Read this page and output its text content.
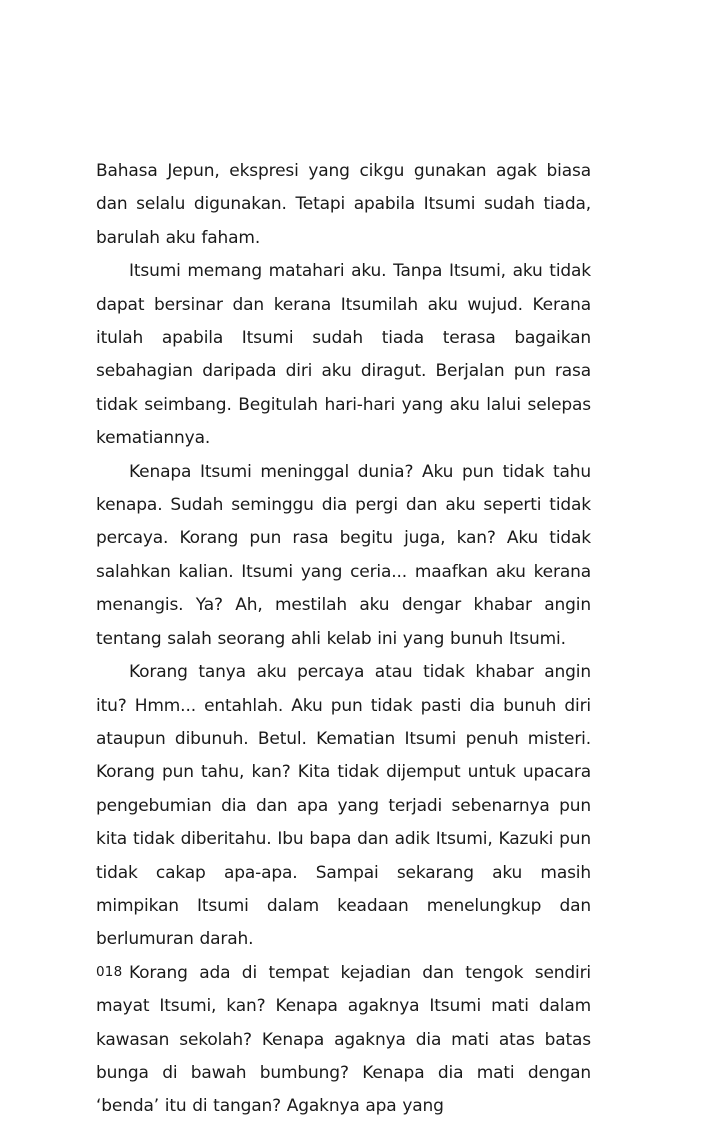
Bahasa Jepun, ekspresi yang cikgu gunakan agak biasa dan selalu digunakan. Tetapi apabila Itsumi sudah tiada, barulah aku faham.

Itsumi memang matahari aku. Tanpa Itsumi, aku tidak dapat bersinar dan kerana Itsumilah aku wujud. Kerana itulah apabila Itsumi sudah tiada terasa bagaikan sebahagian daripada diri aku diragut. Berjalan pun rasa tidak seimbang. Begitulah hari-hari yang aku lalui selepas kematiannya.

Kenapa Itsumi meninggal dunia? Aku pun tidak tahu kenapa. Sudah seminggu dia pergi dan aku seperti tidak percaya. Korang pun rasa begitu juga, kan? Aku tidak salahkan kalian. Itsumi yang ceria... maafkan aku kerana menangis. Ya? Ah, mestilah aku dengar khabar angin tentang salah seorang ahli kelab ini yang bunuh Itsumi.

Korang tanya aku percaya atau tidak khabar angin itu? Hmm... entahlah. Aku pun tidak pasti dia bunuh diri ataupun dibunuh. Betul. Kematian Itsumi penuh misteri. Korang pun tahu, kan? Kita tidak dijemput untuk upacara pengebumian dia dan apa yang terjadi sebenarnya pun kita tidak diberitahu. Ibu bapa dan adik Itsumi, Kazuki pun tidak cakap apa-apa. Sampai sekarang aku masih mimpikan Itsumi dalam keadaan menelungkup dan berlumuran darah.

Korang ada di tempat kejadian dan tengok sendiri mayat Itsumi, kan? Kenapa agaknya Itsumi mati dalam kawasan sekolah? Kenapa agaknya dia mati atas batas bunga di bawah bumbung? Kenapa dia mati dengan ‘benda’ itu di tangan? Agaknya apa yang

018
